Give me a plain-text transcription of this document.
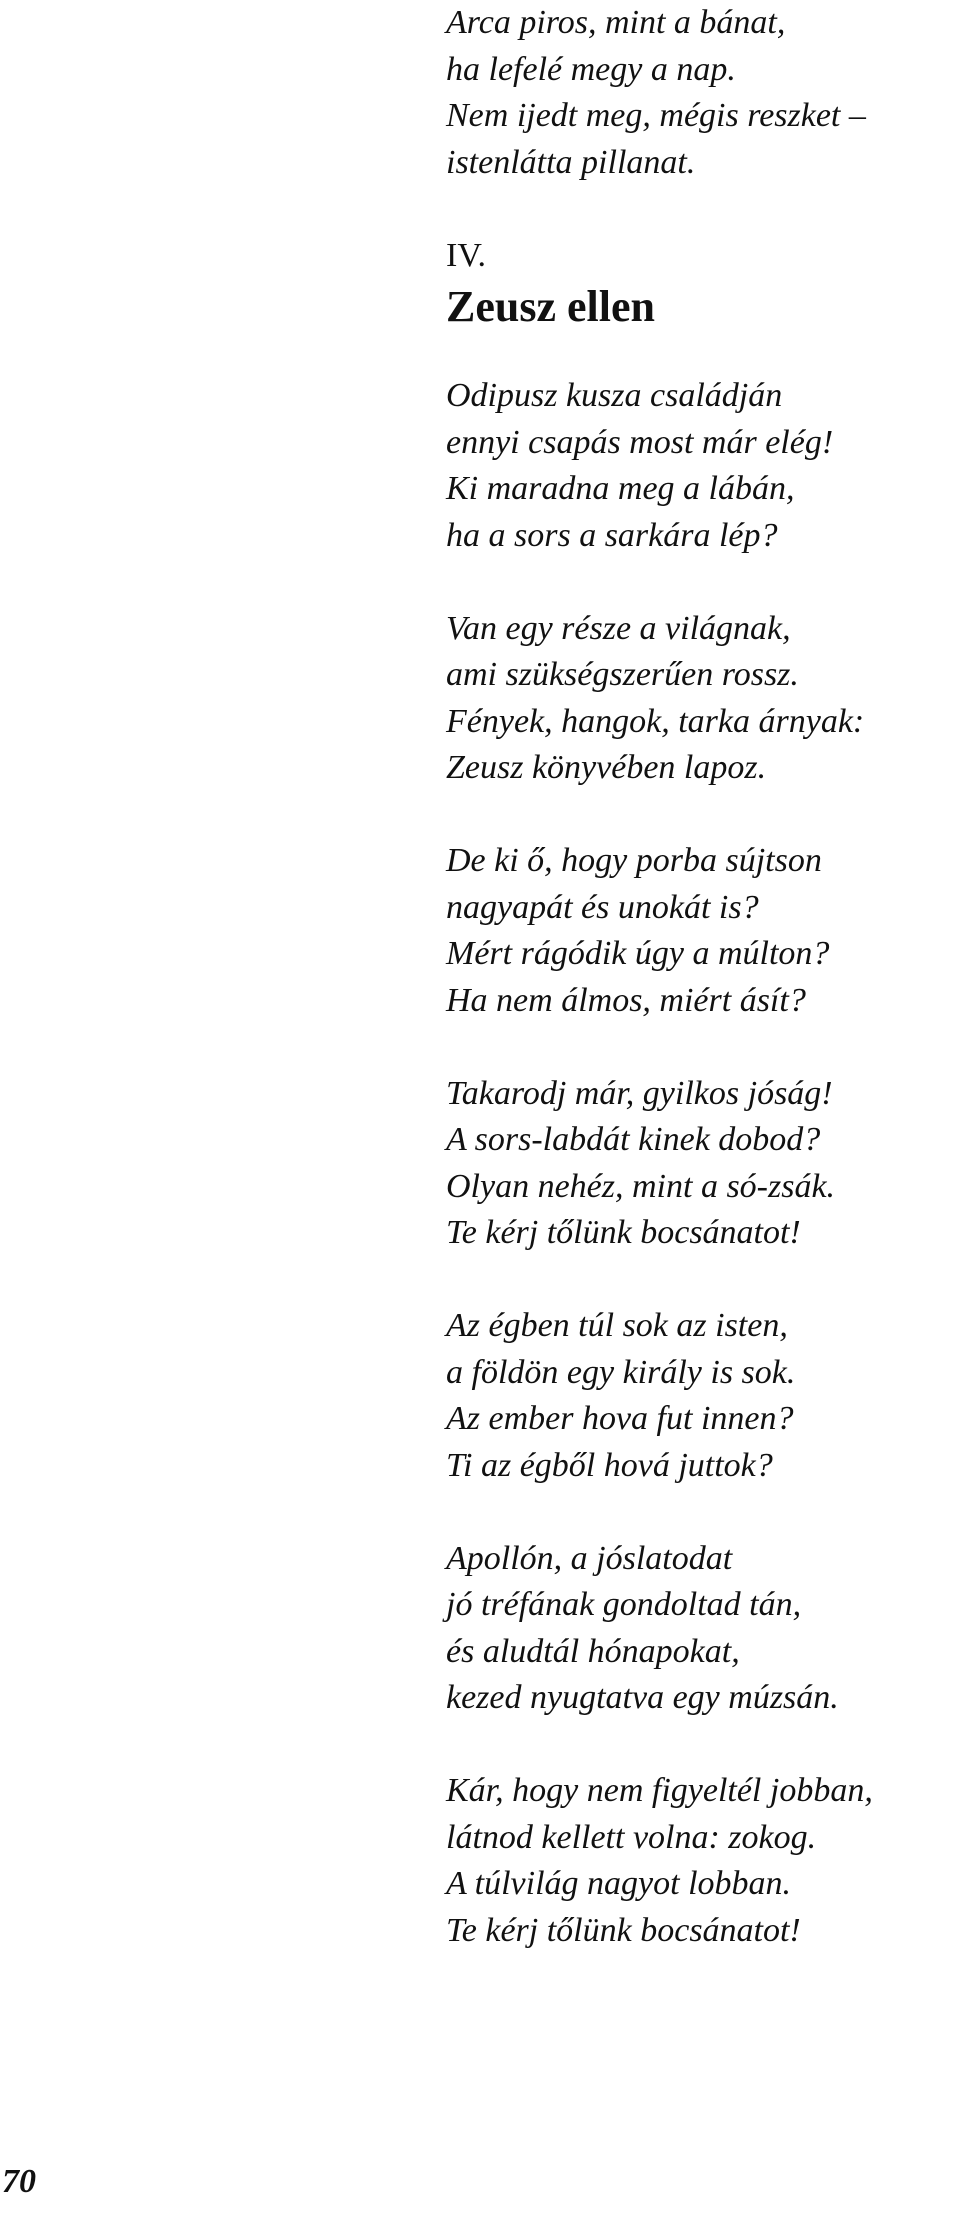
Arca piros, mint a bánat,
ha lefelé megy a nap.
Nem ijedt meg, mégis reszket –
istenlátta pillanat.
IV.
Zeusz ellen
Odipusz kusza családján
ennyi csapás most már elég!
Ki maradna meg a lábán,
ha a sors a sarkára lép?
Van egy része a világnak,
ami szükségszerűen rossz.
Fények, hangok, tarka árnyak:
Zeusz könyvében lapoz.
De ki ő, hogy porba sújtson
nagyapát és unokát is?
Mért rágódik úgy a múlton?
Ha nem álmos, miért ásít?
Takarodj már, gyilkos jóság!
A sors-labdát kinek dobod?
Olyan nehéz, mint a só-zsák.
Te kérj tőlünk bocsánatot!
Az égben túl sok az isten,
a földön egy király is sok.
Az ember hova fut innen?
Ti az égből hová juttok?
Apollón, a jóslatodat
jó tréfának gondoltad tán,
és aludtál hónapokat,
kezed nyugtatva egy múzsán.
Kár, hogy nem figyeltél jobban,
látnod kellett volna: zokog.
A túlvilág nagyot lobban.
Te kérj tőlünk bocsánatot!
70
